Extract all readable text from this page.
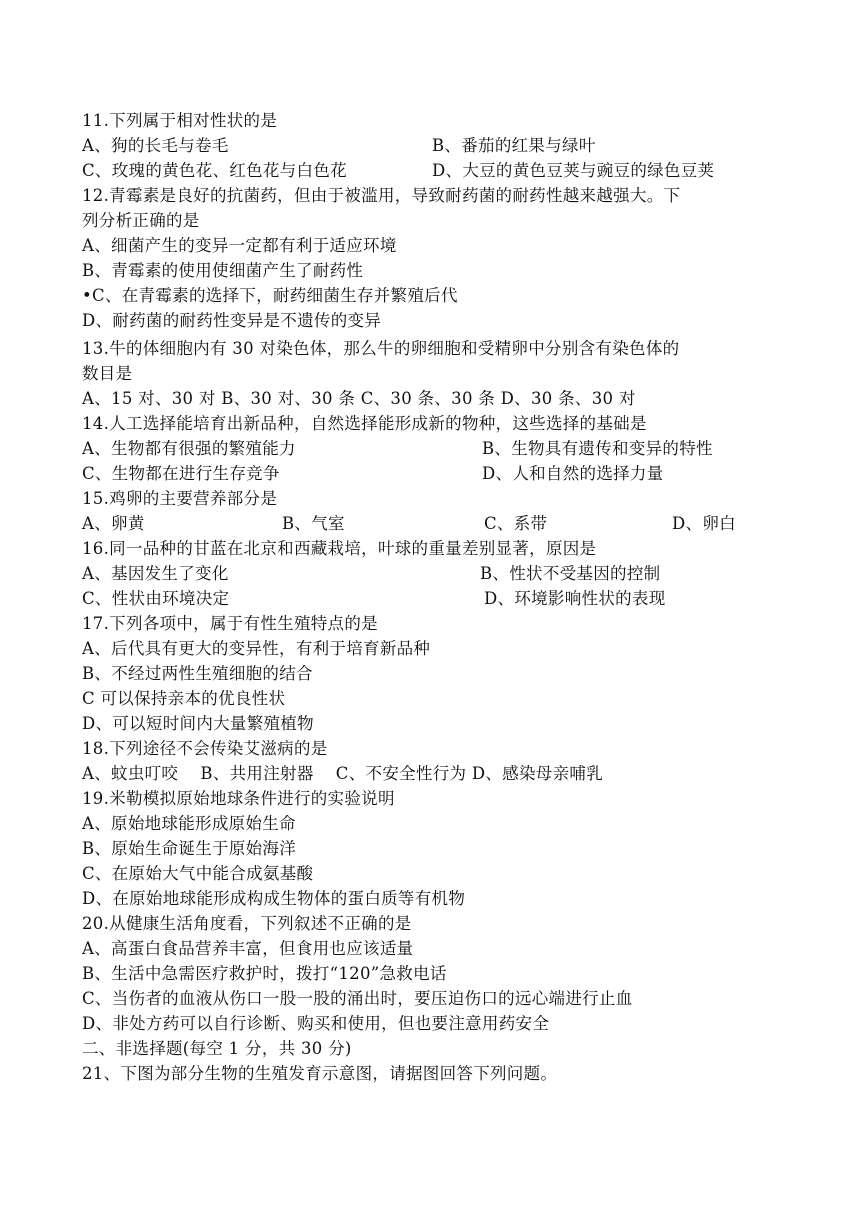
11.下列属于相对性状的是
A、狗的长毛与卷毛	B、番茄的红果与绿叶
C、玫瑰的黄色花、红色花与白色花	D、大豆的黄色豆荚与豌豆的绿色豆荚
12.青霉素是良好的抗菌药，但由于被滥用，导致耐药菌的耐药性越来越强大。下
列分析正确的是
A、细菌产生的变异一定都有利于适应环境
B、青霉素的使用使细菌产生了耐药性
•C、在青霉素的选择下，耐药细菌生存并繁殖后代
D、耐药菌的耐药性变异是不遗传的变异
13.牛的体细胞内有 30 对染色体，那么牛的卵细胞和受精卵中分别含有染色体的
数目是
A、15 对、30 对 B、30 对、30 条 C、30 条、30 条 D、30 条、30 对
14.人工选择能培育出新品种，自然选择能形成新的物种，这些选择的基础是
A、生物都有很强的繁殖能力	B、生物具有遗传和变异的特性
C、生物都在进行生存竞争	D、人和自然的选择力量
15.鸡卵的主要营养部分是
A、卵黄	B、气室	C、系带	D、卵白
16.同一品种的甘蓝在北京和西藏栽培，叶球的重量差别显著，原因是
A、基因发生了变化	B、性状不受基因的控制
C、性状由环境决定	D、环境影响性状的表现
17.下列各项中，属于有性生殖特点的是
A、后代具有更大的变异性，有利于培育新品种
B、不经过两性生殖细胞的结合
C 可以保持亲本的优良性状
D、可以短时间内大量繁殖植物
18.下列途径不会传染艾滋病的是
A、蚊虫叮咬    B、共用注射器    C、不安全性行为 D、感染母亲哺乳
19.米勒模拟原始地球条件进行的实验说明
A、原始地球能形成原始生命
B、原始生命诞生于原始海洋
C、在原始大气中能合成氨基酸
D、在原始地球能形成构成生物体的蛋白质等有机物
20.从健康生活角度看，下列叙述不正确的是
A、高蛋白食品营养丰富，但食用也应该适量
B、生活中急需医疗救护时，拨打“120”急救电话
C、当伤者的血液从伤口一股一股的涌出时，要压迫伤口的远心端进行止血
D、非处方药可以自行诊断、购买和使用，但也要注意用药安全
二、非选择题(每空 1 分，共 30 分)
21、下图为部分生物的生殖发育示意图，请据图回答下列问题。
